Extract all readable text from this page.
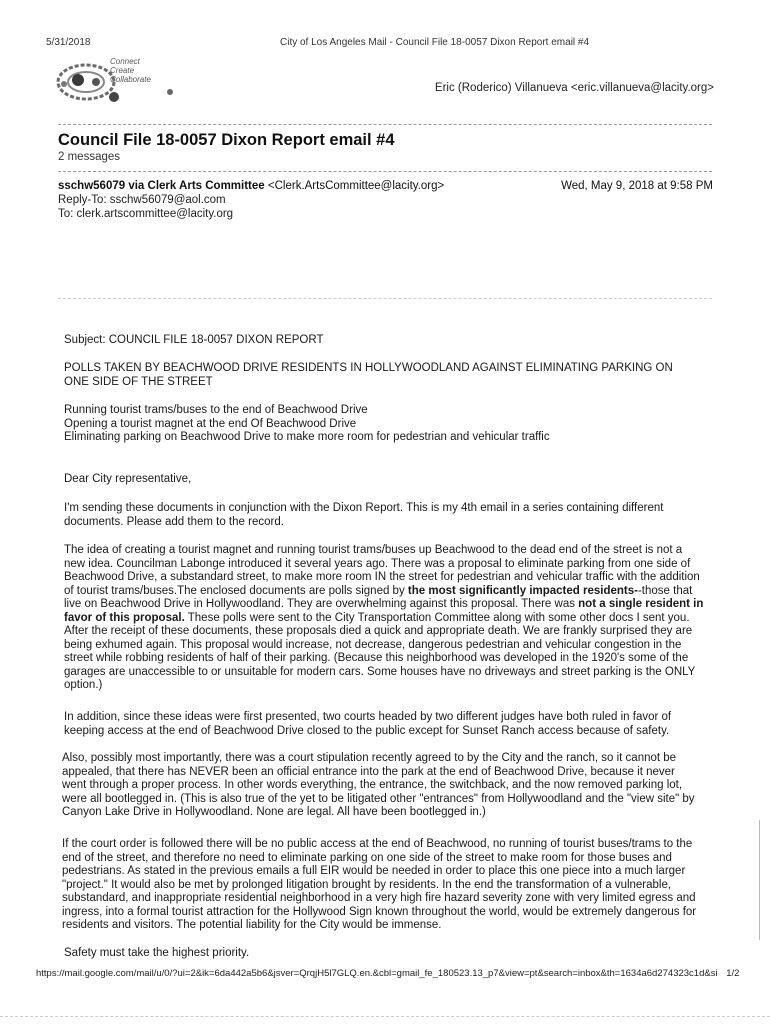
5/31/2018	City of Los Angeles Mail - Council File 18-0057 Dixon Report email #4
Connect
Create
Collaborate
Eric (Roderico) Villanueva <eric.villanueva@lacity.org>
Council File 18-0057 Dixon Report email #4
2 messages
sschw56079 via Clerk Arts Committee <Clerk.ArtsCommittee@lacity.org>	Wed, May 9, 2018 at 9:58 PM
Reply-To: sschw56079@aol.com
To: clerk.artscommittee@lacity.org
Subject: COUNCIL FILE 18-0057 DIXON REPORT
POLLS TAKEN BY BEACHWOOD DRIVE RESIDENTS IN HOLLYWOODLAND AGAINST ELIMINATING PARKING ON ONE SIDE OF THE STREET
Running tourist trams/buses to the end of Beachwood Drive
Opening a tourist magnet at the end Of Beachwood Drive
Eliminating parking on Beachwood Drive to make more room for pedestrian and vehicular traffic
Dear City representative,
I'm sending these documents in conjunction with the Dixon Report. This is my 4th email in a series containing different documents. Please add them to the record.
The idea of creating a tourist magnet and running tourist trams/buses up Beachwood to the dead end of the street is not a new idea. Councilman Labonge introduced it several years ago. There was a proposal to eliminate parking from one side of Beachwood Drive, a substandard street, to make more room IN the street for pedestrian and vehicular traffic with the addition of tourist trams/buses.The enclosed documents are polls signed by the most significantly impacted residents--those that live on Beachwood Drive in Hollywoodland. They are overwhelming against this proposal. There was not a single resident in favor of this proposal. These polls were sent to the City Transportation Committee along with some other docs I sent you. After the receipt of these documents, these proposals died a quick and appropriate death. We are frankly surprised they are being exhumed again. This proposal would increase, not decrease, dangerous pedestrian and vehicular congestion in the street while robbing residents of half of their parking. (Because this neighborhood was developed in the 1920's some of the garages are unaccessible to or unsuitable for modern cars. Some houses have no driveways and street parking is the ONLY option.)
In addition, since these ideas were first presented, two courts headed by two different judges have both ruled in favor of keeping access at the end of Beachwood Drive closed to the public except for Sunset Ranch access because of safety.
Also, possibly most importantly, there was a court stipulation recently agreed to by the City and the ranch, so it cannot be appealed, that there has NEVER been an official entrance into the park at the end of Beachwood Drive, because it never went through a proper process. In other words everything, the entrance, the switchback, and the now removed parking lot, were all bootlegged in. (This is also true of the yet to be litigated other "entrances" from Hollywoodland and the "view site" by Canyon Lake Drive in Hollywoodland. None are legal. All have been bootlegged in.)
If the court order is followed there will be no public access at the end of Beachwood, no running of tourist buses/trams to the end of the street, and therefore no need to eliminate parking on one side of the street to make room for those buses and pedestrians. As stated in the previous emails a full EIR would be needed in order to place this one piece into a much larger "project." It would also be met by prolonged litigation brought by residents. In the end the transformation of a vulnerable, substandard, and inappropriate residential neighborhood in a very high fire hazard severity zone with very limited egress and ingress, into a formal tourist attraction for the Hollywood Sign known throughout the world, would be extremely dangerous for residents and visitors. The potential liability for the City would be immense.
Safety must take the highest priority.
https://mail.google.com/mail/u/0/?ui=2&ik=6da442a5b6&jsver=QrqjH5l7GLQ.en.&cbl=gmail_fe_180523.13_p7&view=pt&search=inbox&th=1634a6d274323c1d&si 1/2
